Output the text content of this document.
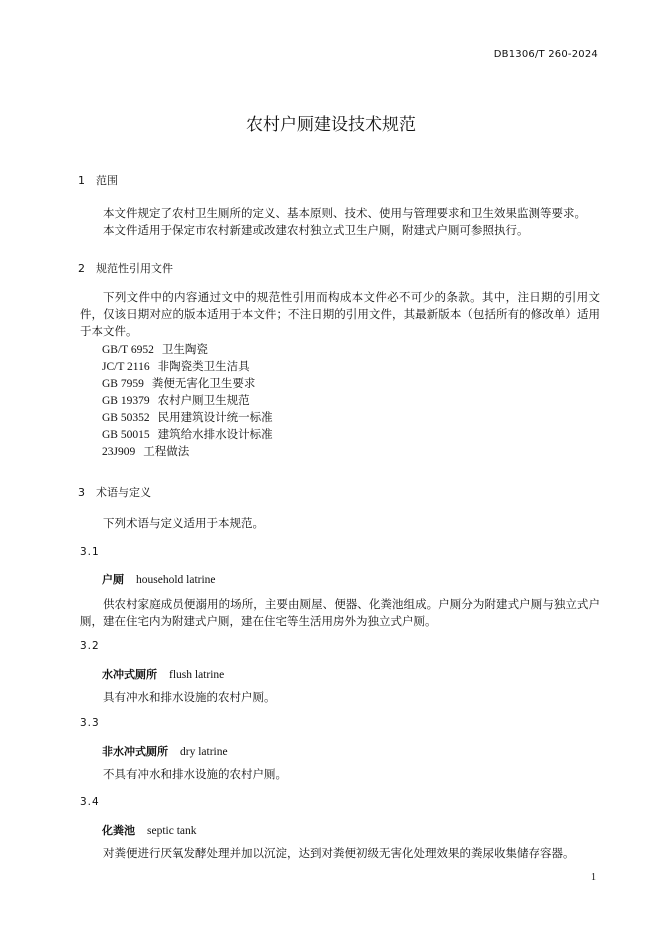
DB1306/T 260-2024
农村户厕建设技术规范
1 范围
本文件规定了农村卫生厕所的定义、基本原则、技术、使用与管理要求和卫生效果监测等要求。
本文件适用于保定市农村新建或改建农村独立式卫生户厕，附建式户厕可参照执行。
2 规范性引用文件
下列文件中的内容通过文中的规范性引用而构成本文件必不可少的条款。其中，注日期的引用文件，仅该日期对应的版本适用于本文件；不注日期的引用文件，其最新版本（包括所有的修改单）适用于本文件。
GB/T 6952 卫生陶瓷
JC/T 2116 非陶瓷类卫生洁具
GB 7959 粪便无害化卫生要求
GB 19379 农村户厕卫生规范
GB 50352 民用建筑设计统一标准
GB 50015 建筑给水排水设计标准
23J909 工程做法
3 术语与定义
下列术语与定义适用于本规范。
3.1
户厕 household latrine
供农村家庭成员便溺用的场所，主要由厕屋、便器、化粪池组成。户厕分为附建式户厕与独立式户厕，建在住宅内为附建式户厕，建在住宅等生活用房外为独立式户厕。
3.2
水冲式厕所 flush latrine
具有冲水和排水设施的农村户厕。
3.3
非水冲式厕所 dry latrine
不具有冲水和排水设施的农村户厕。
3.4
化粪池 septic tank
对粪便进行厌氧发酵处理并加以沉淀，达到对粪便初级无害化处理效果的粪尿收集储存容器。
1
